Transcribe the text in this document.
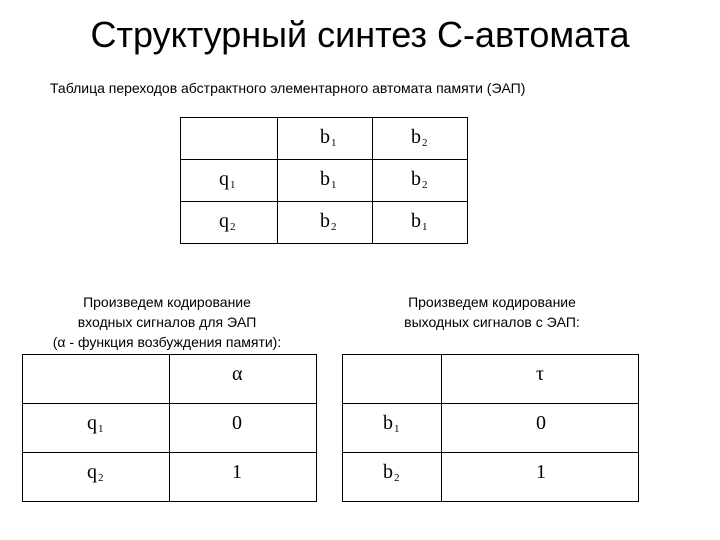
Структурный синтез С-автомата
Таблица переходов абстрактного элементарного автомата памяти (ЭАП)

	$b_1$	$b_2$

$q_1$	$b_1$	$b_2$

$q_2$	$b_2$	$b_1$
Произведем кодирование
входных сигналов для ЭАП
(α - функция возбуждения памяти):

	α

$q_1$	0

$q_2$	1
Произведем кодирование
выходных сигналов с ЭАП:

	τ

$b_1$	0

$b_2$	1
